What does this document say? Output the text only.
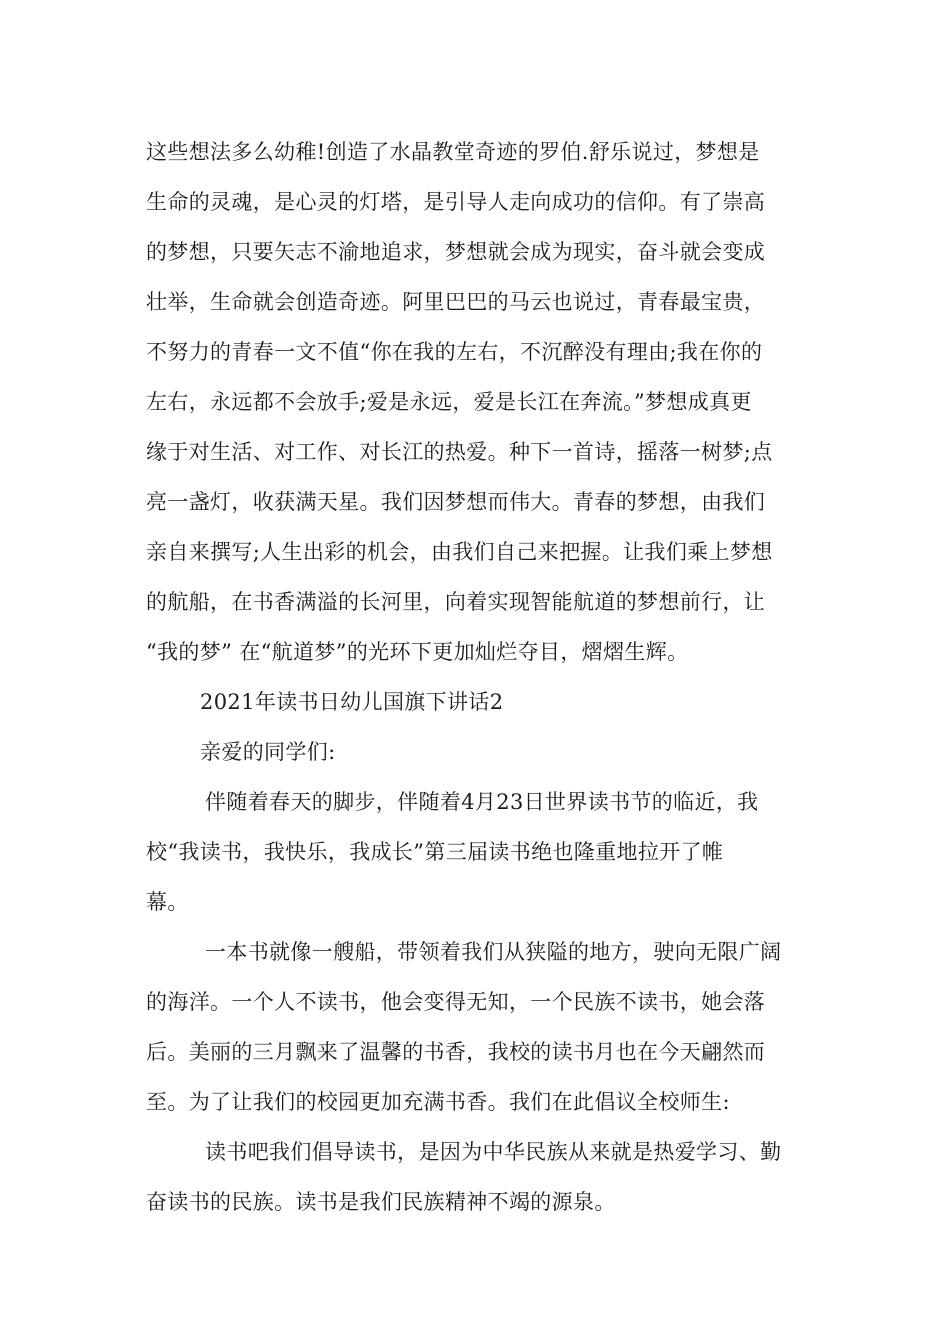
这些想法多么幼稚!创造了水晶教堂奇迹的罗伯.舒乐说过，梦想是
生命的灵魂，是心灵的灯塔，是引导人走向成功的信仰。有了崇高
的梦想，只要矢志不渝地追求，梦想就会成为现实，奋斗就会变成
壮举，生命就会创造奇迹。阿里巴巴的马云也说过，青春最宝贵，
不努力的青春一文不值“你在我的左右，不沉醉没有理由;我在你的
左右，永远都不会放手;爱是永远，爱是长江在奔流。”梦想成真更
缘于对生活、对工作、对长江的热爱。种下一首诗，摇落一树梦;点
亮一盏灯，收获满天星。我们因梦想而伟大。青春的梦想，由我们
亲自来撰写;人生出彩的机会，由我们自己来把握。让我们乘上梦想
的航船，在书香满溢的长河里，向着实现智能航道的梦想前行，让
“我的梦” 在“航道梦”的光环下更加灿烂夺目，熠熠生辉。
2021年读书日幼儿国旗下讲话2
亲爱的同学们:
伴随着春天的脚步，伴随着4月23日世界读书节的临近，我
校“我读书，我快乐，我成长”第三届读书绝也隆重地拉开了帷
幕。
一本书就像一艘船，带领着我们从狭隘的地方，驶向无限广阔
的海洋。一个人不读书，他会变得无知，一个民族不读书，她会落
后。美丽的三月飘来了温馨的书香，我校的读书月也在今天翩然而
至。为了让我们的校园更加充满书香。我们在此倡议全校师生:
读书吧我们倡导读书，是因为中华民族从来就是热爱学习、勤
奋读书的民族。读书是我们民族精神不竭的源泉。
